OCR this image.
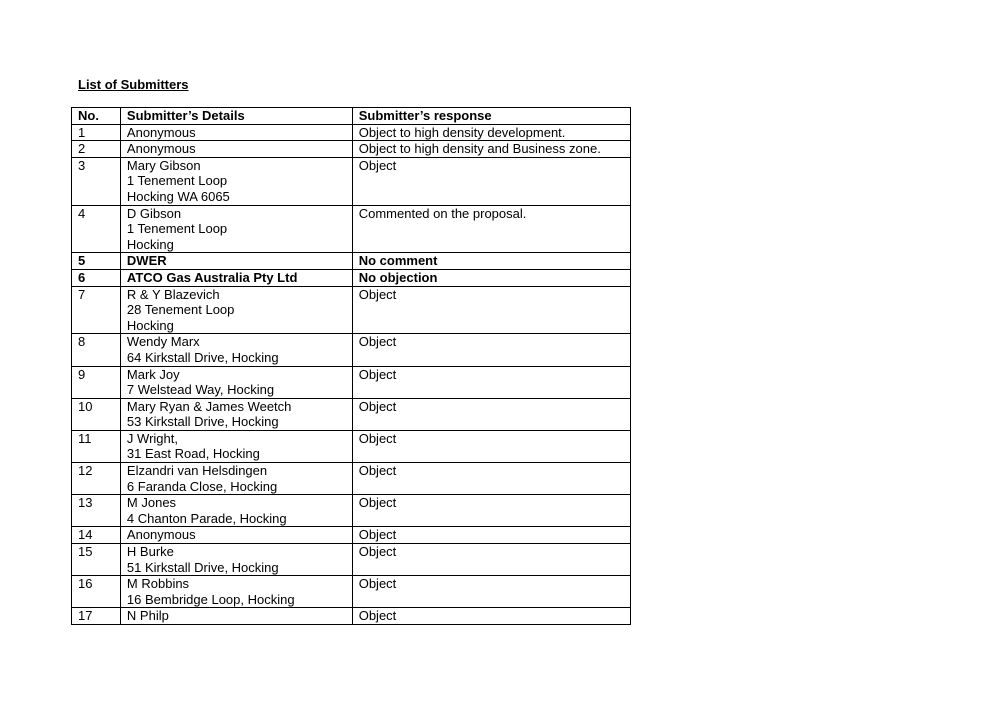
List of Submitters
No.	Submitter’s Details	Submitter’s response
1	Anonymous	Object to high density development.
2	Anonymous	Object to high density and Business zone.
3	Mary Gibson
1 Tenement Loop
Hocking WA 6065	Object
4	D Gibson
1 Tenement Loop
Hocking	Commented on the proposal.
5	DWER	No comment
6	ATCO Gas Australia Pty Ltd	No objection
7	R & Y Blazevich
28 Tenement Loop
Hocking	Object
8	Wendy Marx
64 Kirkstall Drive, Hocking	Object
9	Mark Joy
7 Welstead Way, Hocking	Object
10	Mary Ryan & James Weetch
53 Kirkstall Drive, Hocking	Object
11	J Wright,
31 East Road, Hocking	Object
12	Elzandri van Helsdingen
6 Faranda Close, Hocking	Object
13	M Jones
4 Chanton Parade, Hocking	Object
14	Anonymous	Object
15	H Burke
51 Kirkstall Drive, Hocking	Object
16	M Robbins
16 Bembridge Loop, Hocking	Object
17	N Philp	Object
